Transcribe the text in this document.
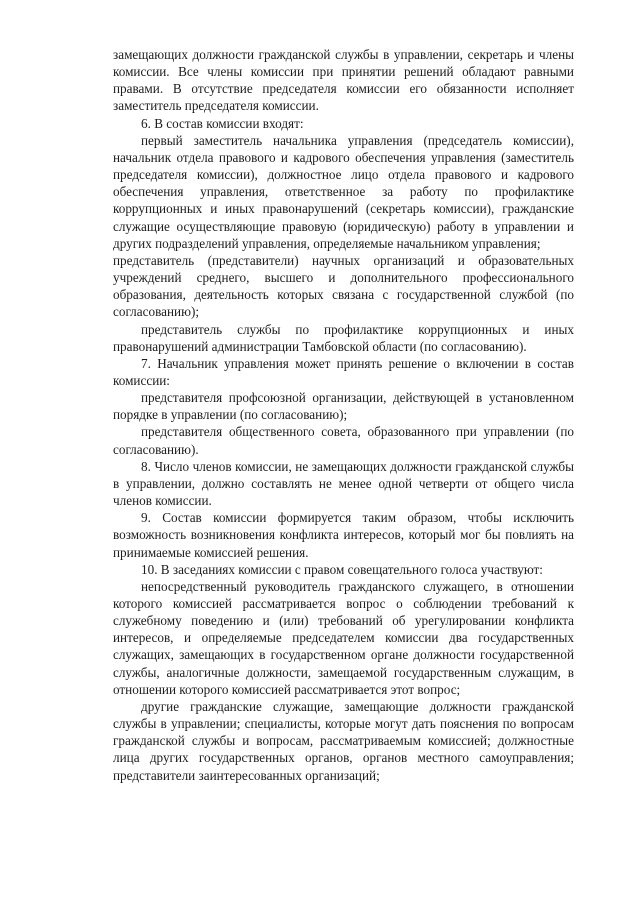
замещающих должности гражданской службы в управлении, секретарь и члены комиссии. Все члены комиссии при принятии решений обладают равными правами. В отсутствие председателя комиссии его обязанности исполняет заместитель председателя комиссии.

6. В состав комиссии входят:

первый заместитель начальника управления (председатель комиссии), начальник отдела правового и кадрового обеспечения управления (заместитель председателя комиссии), должностное лицо отдела правового и кадрового обеспечения управления, ответственное за работу по профилактике коррупционных и иных правонарушений (секретарь комиссии), гражданские служащие осуществляющие правовую (юридическую) работу в управлении и других подразделений управления, определяемые начальником управления;

представитель (представители) научных организаций и образовательных учреждений среднего, высшего и дополнительного профессионального образования, деятельность которых связана с государственной службой (по согласованию);

представитель службы по профилактике коррупционных и иных правонарушений администрации Тамбовской области (по согласованию).

7. Начальник управления может принять решение о включении в состав комиссии:

представителя профсоюзной организации, действующей в установленном порядке в управлении (по согласованию);

представителя общественного совета, образованного при управлении (по согласованию).

8. Число членов комиссии, не замещающих должности гражданской службы в управлении, должно составлять не менее одной четверти от общего числа членов комиссии.

9. Состав комиссии формируется таким образом, чтобы исключить возможность возникновения конфликта интересов, который мог бы повлиять на принимаемые комиссией решения.

10. В заседаниях комиссии с правом совещательного голоса участвуют:

непосредственный руководитель гражданского служащего, в отношении которого комиссией рассматривается вопрос о соблюдении требований к служебному поведению и (или) требований об урегулировании конфликта интересов, и определяемые председателем комиссии два государственных служащих, замещающих в государственном органе должности государственной службы, аналогичные должности, замещаемой государственным служащим, в отношении которого комиссией рассматривается этот вопрос;

другие гражданские служащие, замещающие должности гражданской службы в управлении; специалисты, которые могут дать пояснения по вопросам гражданской службы и вопросам, рассматриваемым комиссией; должностные лица других государственных органов, органов местного самоуправления; представители заинтересованных организаций;
